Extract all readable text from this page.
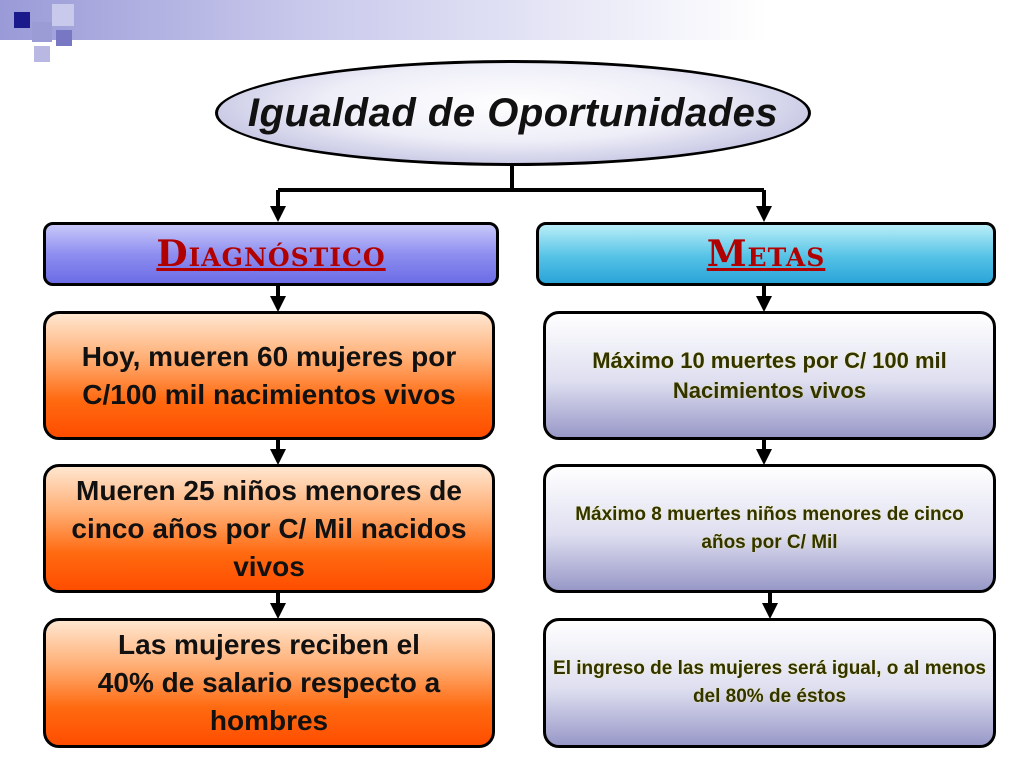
Igualdad de Oportunidades
Diagnóstico	Metas
Hoy, mueren 60 mujeres por C/100 mil nacimientos vivos
Mueren 25 niños menores de cinco años por C/ Mil nacidos vivos
Las mujeres reciben el 40% de salario respecto a hombres
Máximo 10 muertes por C/ 100 mil Nacimientos vivos
Máximo 8 muertes niños menores de cinco años por C/ Mil
El ingreso de las mujeres será igual, o al menos del 80% de éstos
